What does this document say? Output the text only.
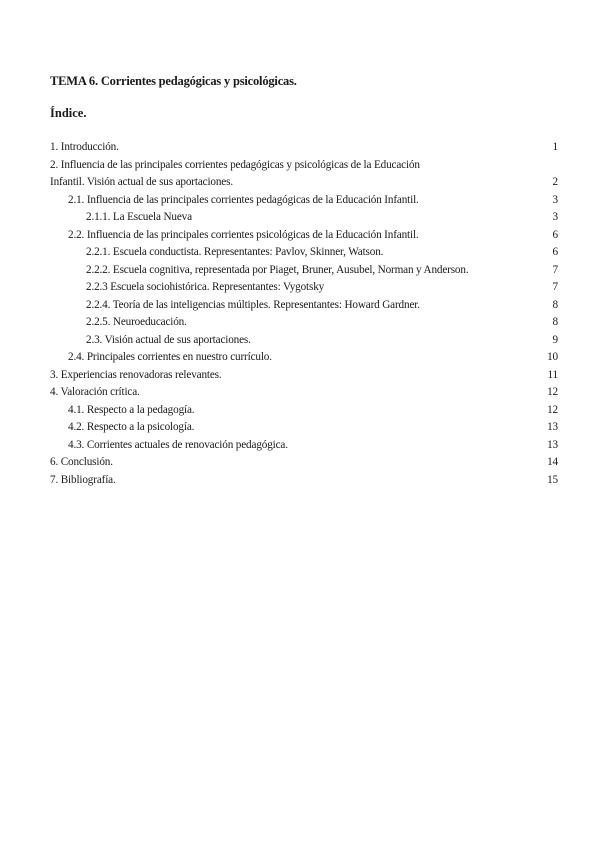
TEMA 6. Corrientes pedagógicas y psicológicas.
Índice.
1. Introducción.	1
2. Influencia de las principales corrientes pedagógicas y psicológicas de la Educación
Infantil. Visión actual de sus aportaciones.	2
2.1. Influencia de las principales corrientes pedagógicas de la Educación Infantil.	3
2.1.1. La Escuela Nueva	3
2.2. Influencia de las principales corrientes psicológicas de la Educación Infantil.	6
2.2.1. Escuela conductista. Representantes: Pavlov, Skinner, Watson.	6
2.2.2. Escuela cognitiva, representada por Piaget, Bruner, Ausubel, Norman y Anderson.	7
2.2.3 Escuela sociohistórica. Representantes: Vygotsky	7
2.2.4. Teoría de las inteligencias múltiples. Representantes: Howard Gardner.	8
2.2.5. Neuroeducación.	8
2.3. Visión actual de sus aportaciones.	9
2.4. Principales corrientes en nuestro currículo.	10
3. Experiencias renovadoras relevantes.	11
4. Valoración crítica.	12
4.1. Respecto a la pedagogía.	12
4.2. Respecto a la psicología.	13
4.3. Corrientes actuales de renovación pedagógica.	13
6. Conclusión.	14
7. Bibliografía.	15
